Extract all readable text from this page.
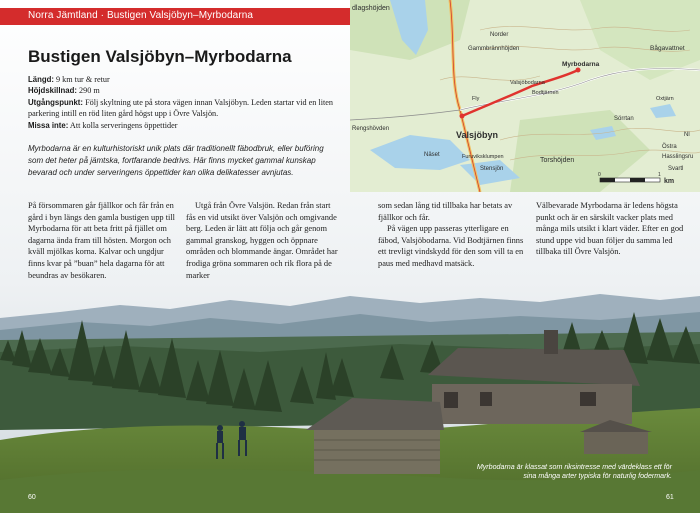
Norra Jämtland · Bustigen Valsjöbyn–Myrbodarna
Bustigen Valsjöbyn–Myrbodarna
Längd: 9 km tur & retur
Höjdskillnad: 290 m
Utgångspunkt: Följ skyltning ute på stora vägen innan Valsjöbyn. Leden startar vid en liten parkering intill en röd liten gård högst upp i Övre Valsjön.
Missa inte: Att kolla serveringens öppettider
Myrbodarna är en kulturhistoriskt unik plats där traditionellt fäbodbruk, eller buföring som det heter på jämtska, fortfarande bedrivs. Här finns mycket gammal kunskap bevarad och under serveringens öppettider kan olika delikatesser avnjutas.

På försommaren går fjällkor och får från en gård i byn längs den gamla bustigen upp till Myrbodarna för att beta fritt på fjället om dagarna ända fram till hösten. Morgon och kväll mjölkas korna. Kalvar och ungdjur finns kvar på ”buan” hela dagarna för att beundras av besökaren.

Utgå från Övre Valsjön. Redan från start fås en vid utsikt över Valsjön och omgivande berg. Leden är lätt att följa och går genom gammal granskog, hyggen och öppnare områden och blommande ängar. Området har frodiga gröna sommaren och rik flora på de marker

som sedan lång tid tillbaka har betats av fjällkor och får.

På vägen upp passeras ytterligare en fäbod, Valsjöbodarna. Vid Bodtjärnen finns ett trevligt vindskydd för den som vill ta en paus med medhavd matsäck.

Välbevarade Myrbodarna är ledens högsta punkt och är en särskilt vacker plats med många mils utsikt i klart väder. Efter en god stund uppe vid buan följer du samma led tillbaka till Övre Valsjön.

dlagshöjden
Norder
Gammbrännhöjden
Myrbodarna
Valsjöbodarna
Bodtjärnen
Bågavattnet
Oxtjärn
Fly
Rengshövden
Valsjöbyn
Näset	Furuviksklumpen
Stensjön
Torshöjden
Sörrtan
Östra
Nl
Hasslingsru
Svartl
0	1
km
Myrbodarna är klassat som riksintresse med värdeklass ett för sina många arter typiska för naturlig fodermark.
60	61
